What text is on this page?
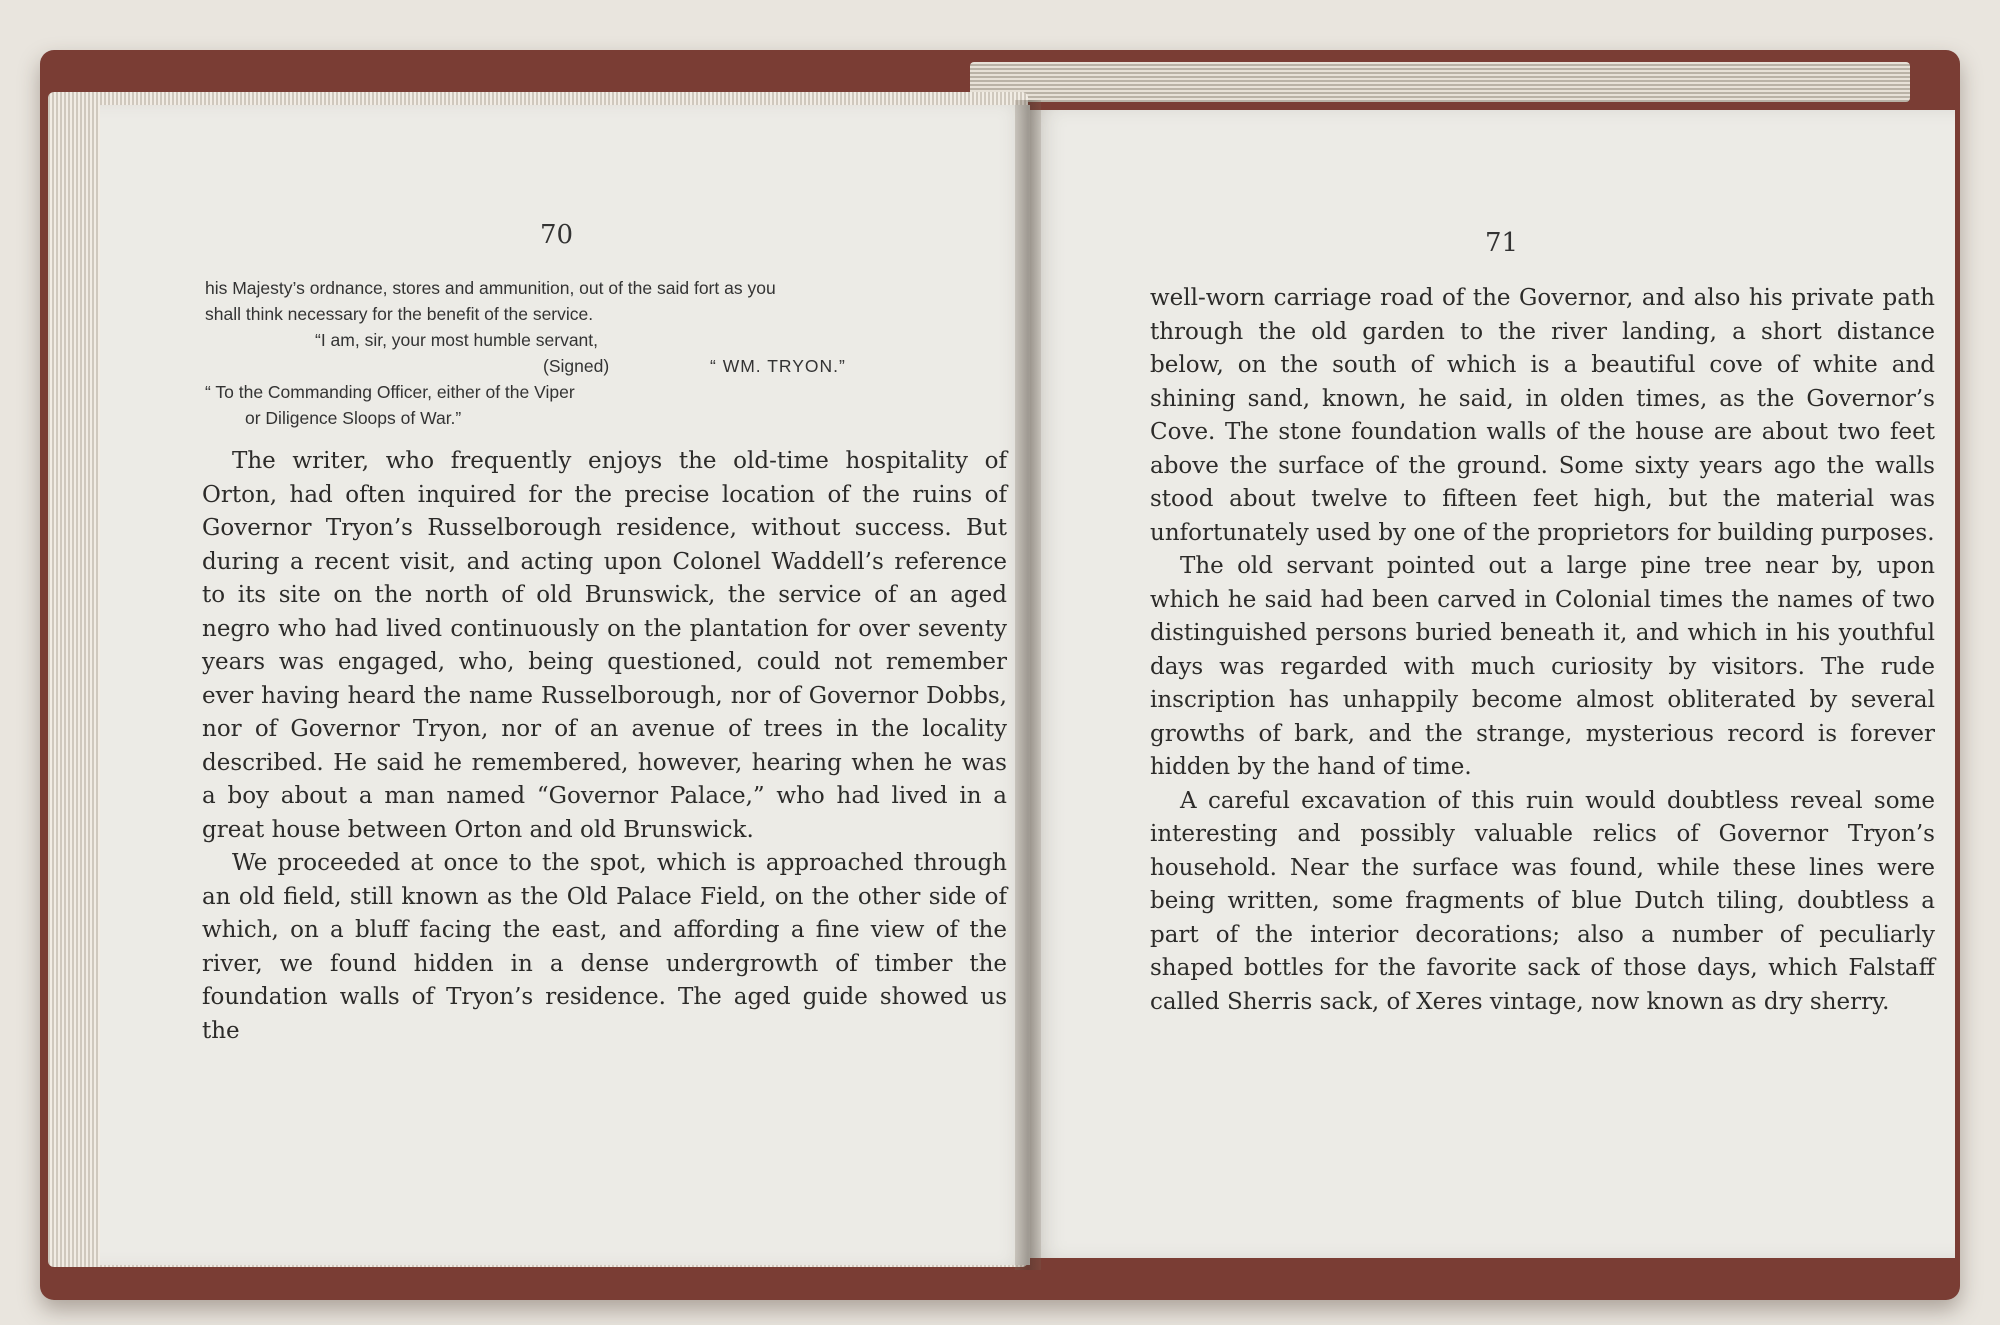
70
his Majesty’s ordnance, stores and ammunition, out of the said fort as you
shall think necessary for the benefit of the service.
“I am, sir, your most humble servant,
(Signed)	“ WM. TRYON.”
“ To the Commanding Officer, either of the Viper
or Diligence Sloops of War.”

The writer, who frequently enjoys the old-time hospitality of Orton, had often inquired for the precise location of the ruins of Governor Tryon’s Russelborough residence, without success. But during a recent visit, and acting upon Colonel Waddell’s reference to its site on the north of old Brunswick, the service of an aged negro who had lived continuously on the plantation for over seventy years was engaged, who, being questioned, could not remember ever having heard the name Russelborough, nor of Governor Dobbs, nor of Governor Tryon, nor of an avenue of trees in the locality described. He said he remembered, however, hearing when he was a boy about a man named “Governor Palace,” who had lived in a great house between Orton and old Brunswick.

We proceeded at once to the spot, which is approached through an old field, still known as the Old Palace Field, on the other side of which, on a bluff facing the east, and affording a fine view of the river, we found hidden in a dense undergrowth of timber the foundation walls of Tryon’s residence. The aged guide showed us the

71

well-worn carriage road of the Governor, and also his private path through the old garden to the river landing, a short distance below, on the south of which is a beautiful cove of white and shining sand, known, he said, in olden times, as the Governor’s Cove. The stone foundation walls of the house are about two feet above the surface of the ground. Some sixty years ago the walls stood about twelve to fifteen feet high, but the material was unfortunately used by one of the proprietors for building purposes.

The old servant pointed out a large pine tree near by, upon which he said had been carved in Colonial times the names of two distinguished persons buried beneath it, and which in his youthful days was regarded with much curiosity by visitors. The rude inscription has unhappily become almost obliterated by several growths of bark, and the strange, mysterious record is forever hidden by the hand of time.

A careful excavation of this ruin would doubtless reveal some interesting and possibly valuable relics of Governor Tryon’s household. Near the surface was found, while these lines were being written, some fragments of blue Dutch tiling, doubtless a part of the interior decorations; also a number of peculiarly shaped bottles for the favorite sack of those days, which Falstaff called Sherris sack, of Xeres vintage, now known as dry sherry.
